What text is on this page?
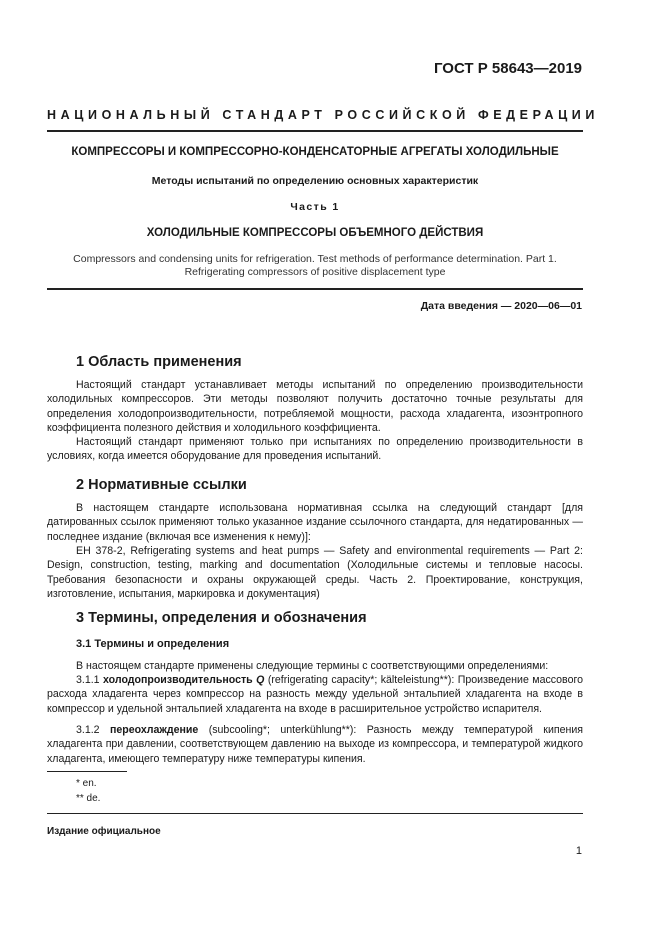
ГОСТ Р 58643—2019
НАЦИОНАЛЬНЫЙ СТАНДАРТ РОССИЙСКОЙ ФЕДЕРАЦИИ
КОМПРЕССОРЫ И КОМПРЕССОРНО-КОНДЕНСАТОРНЫЕ АГРЕГАТЫ ХОЛОДИЛЬНЫЕ
Методы испытаний по определению основных характеристик
Часть 1
ХОЛОДИЛЬНЫЕ КОМПРЕССОРЫ ОБЪЕМНОГО ДЕЙСТВИЯ
Compressors and condensing units for refrigeration. Test methods of performance determination. Part 1. Refrigerating compressors of positive displacement type
Дата введения — 2020—06—01
1 Область применения

Настоящий стандарт устанавливает методы испытаний по определению производительности холодильных компрессоров. Эти методы позволяют получить достаточно точные результаты для определения холодопроизводительности, потребляемой мощности, расхода хладагента, изоэнтропного коэффициента полезного действия и холодильного коэффициента.

Настоящий стандарт применяют только при испытаниях по определению производительности в условиях, когда имеется оборудование для проведения испытаний.

2 Нормативные ссылки

В настоящем стандарте использована нормативная ссылка на следующий стандарт [для датированных ссылок применяют только указанное издание ссылочного стандарта, для недатированных — последнее издание (включая все изменения к нему)]:

ЕН 378-2, Refrigerating systems and heat pumps — Safety and environmental requirements — Part 2: Design, construction, testing, marking and documentation (Холодильные системы и тепловые насосы. Требования безопасности и охраны окружающей среды. Часть 2. Проектирование, конструкция, изготовление, испытания, маркировка и документация)

3 Термины, определения и обозначения
3.1 Термины и определения

В настоящем стандарте применены следующие термины с соответствующими определениями:

3.1.1 холодопроизводительность Q (refrigerating capacity*; kälteleistung**): Произведение массового расхода хладагента через компрессор на разность между удельной энтальпией хладагента на входе в компрессор и удельной энтальпией хладагента на входе в расширительное устройство испарителя.

3.1.2 переохлаждение (subcooling*; unterkühlung**): Разность между температурой кипения хладагента при давлении, соответствующем давлению на выходе из компрессора, и температурой жидкого хладагента, имеющего температуру ниже температуры кипения.

* en.
** de.
Издание официальное
1
